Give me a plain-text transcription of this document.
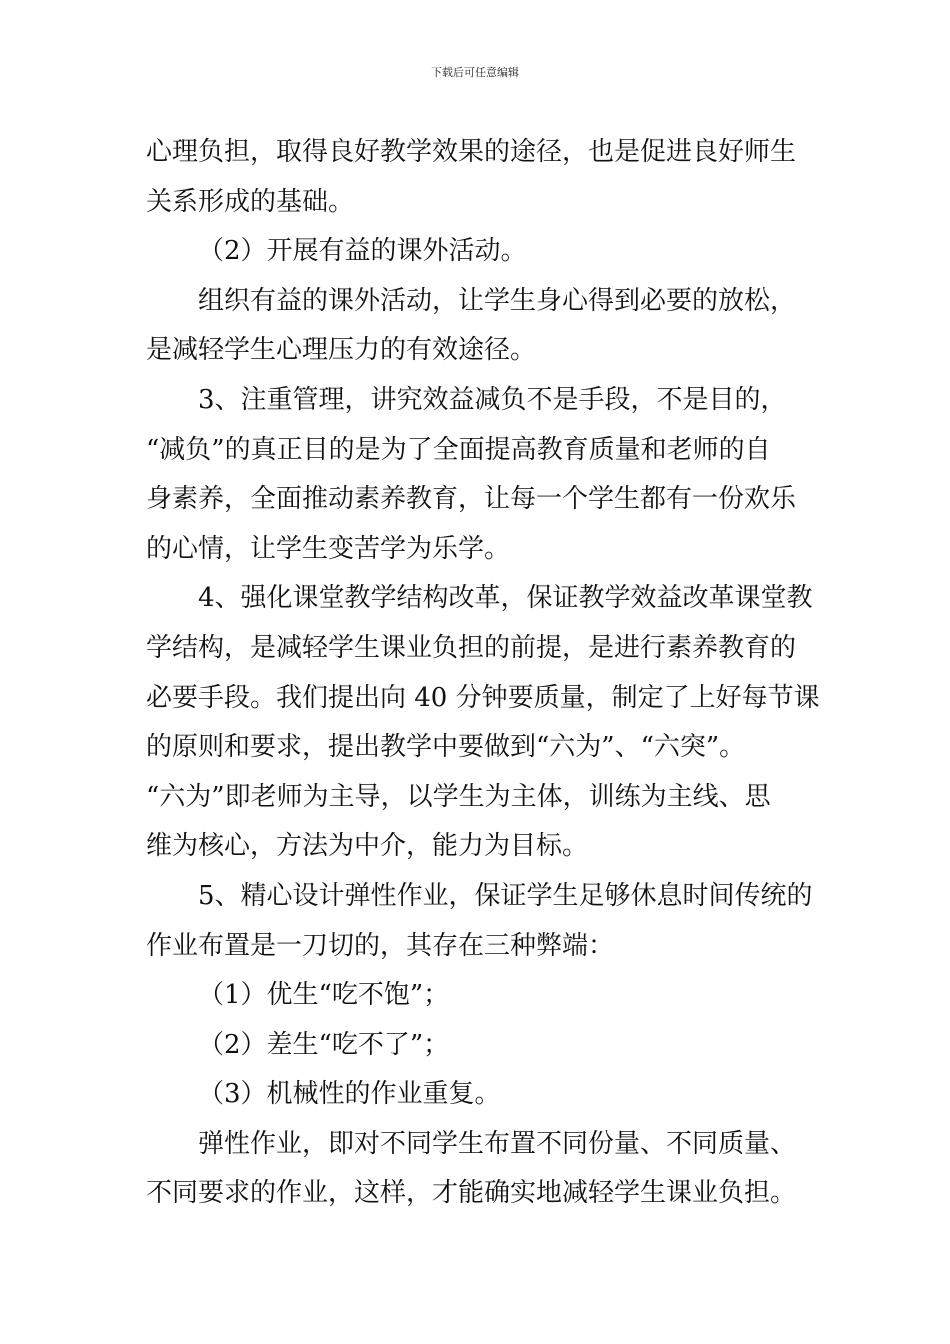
下载后可任意编辑
心理负担，取得良好教学效果的途径，也是促进良好师生
关系形成的基础。
（2）开展有益的课外活动。
组织有益的课外活动，让学生身心得到必要的放松，
是减轻学生心理压力的有效途径。
3、注重管理，讲究效益减负不是手段，不是目的，
“减负”的真正目的是为了全面提高教育质量和老师的自
身素养，全面推动素养教育，让每一个学生都有一份欢乐
的心情，让学生变苦学为乐学。
4、强化课堂教学结构改革，保证教学效益改革课堂教
学结构，是减轻学生课业负担的前提，是进行素养教育的
必要手段。我们提出向 40 分钟要质量，制定了上好每节课
的原则和要求，提出教学中要做到“六为”、“六突”。
“六为”即老师为主导，以学生为主体，训练为主线、思
维为核心，方法为中介，能力为目标。
5、精心设计弹性作业，保证学生足够休息时间传统的
作业布置是一刀切的，其存在三种弊端：
（1）优生“吃不饱”；
（2）差生“吃不了”；
（3）机械性的作业重复。
弹性作业，即对不同学生布置不同份量、不同质量、
不同要求的作业，这样，才能确实地减轻学生课业负担。
